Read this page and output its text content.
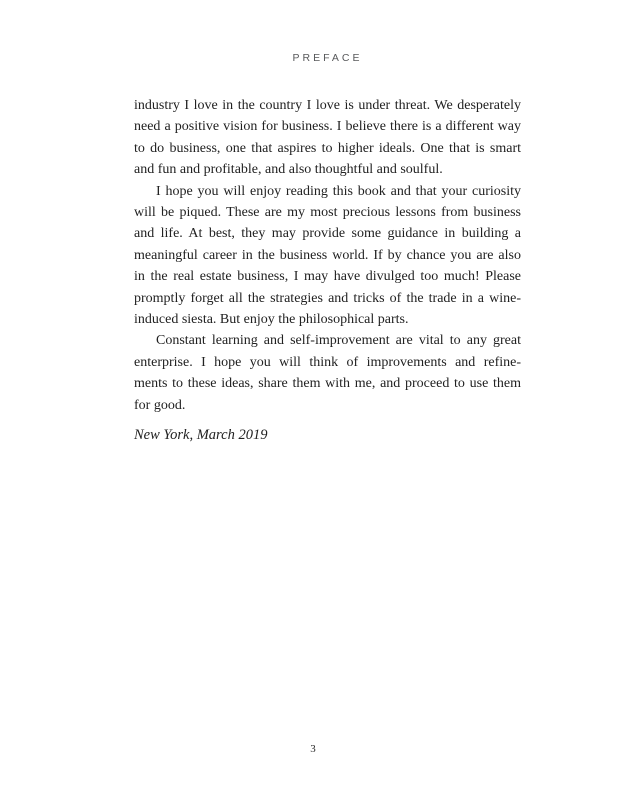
PREFACE
industry I love in the country I love is under threat. We desperately
need a positive vision for business. I believe there is a different way
to do business, one that aspires to higher ideals. One that is smart
and fun and profitable, and also thoughtful and soulful.
I hope you will enjoy reading this book and that your curiosity
will be piqued. These are my most precious lessons from business
and life. At best, they may provide some guidance in building a
meaningful career in the business world. If by chance you are also
in the real estate business, I may have divulged too much! Please
promptly forget all the strategies and tricks of the trade in a wine-
induced siesta. But enjoy the philosophical parts.
Constant learning and self-improvement are vital to any great
enterprise. I hope you will think of improvements and refine-
ments to these ideas, share them with me, and proceed to use them
for good.
New York, March 2019
3
